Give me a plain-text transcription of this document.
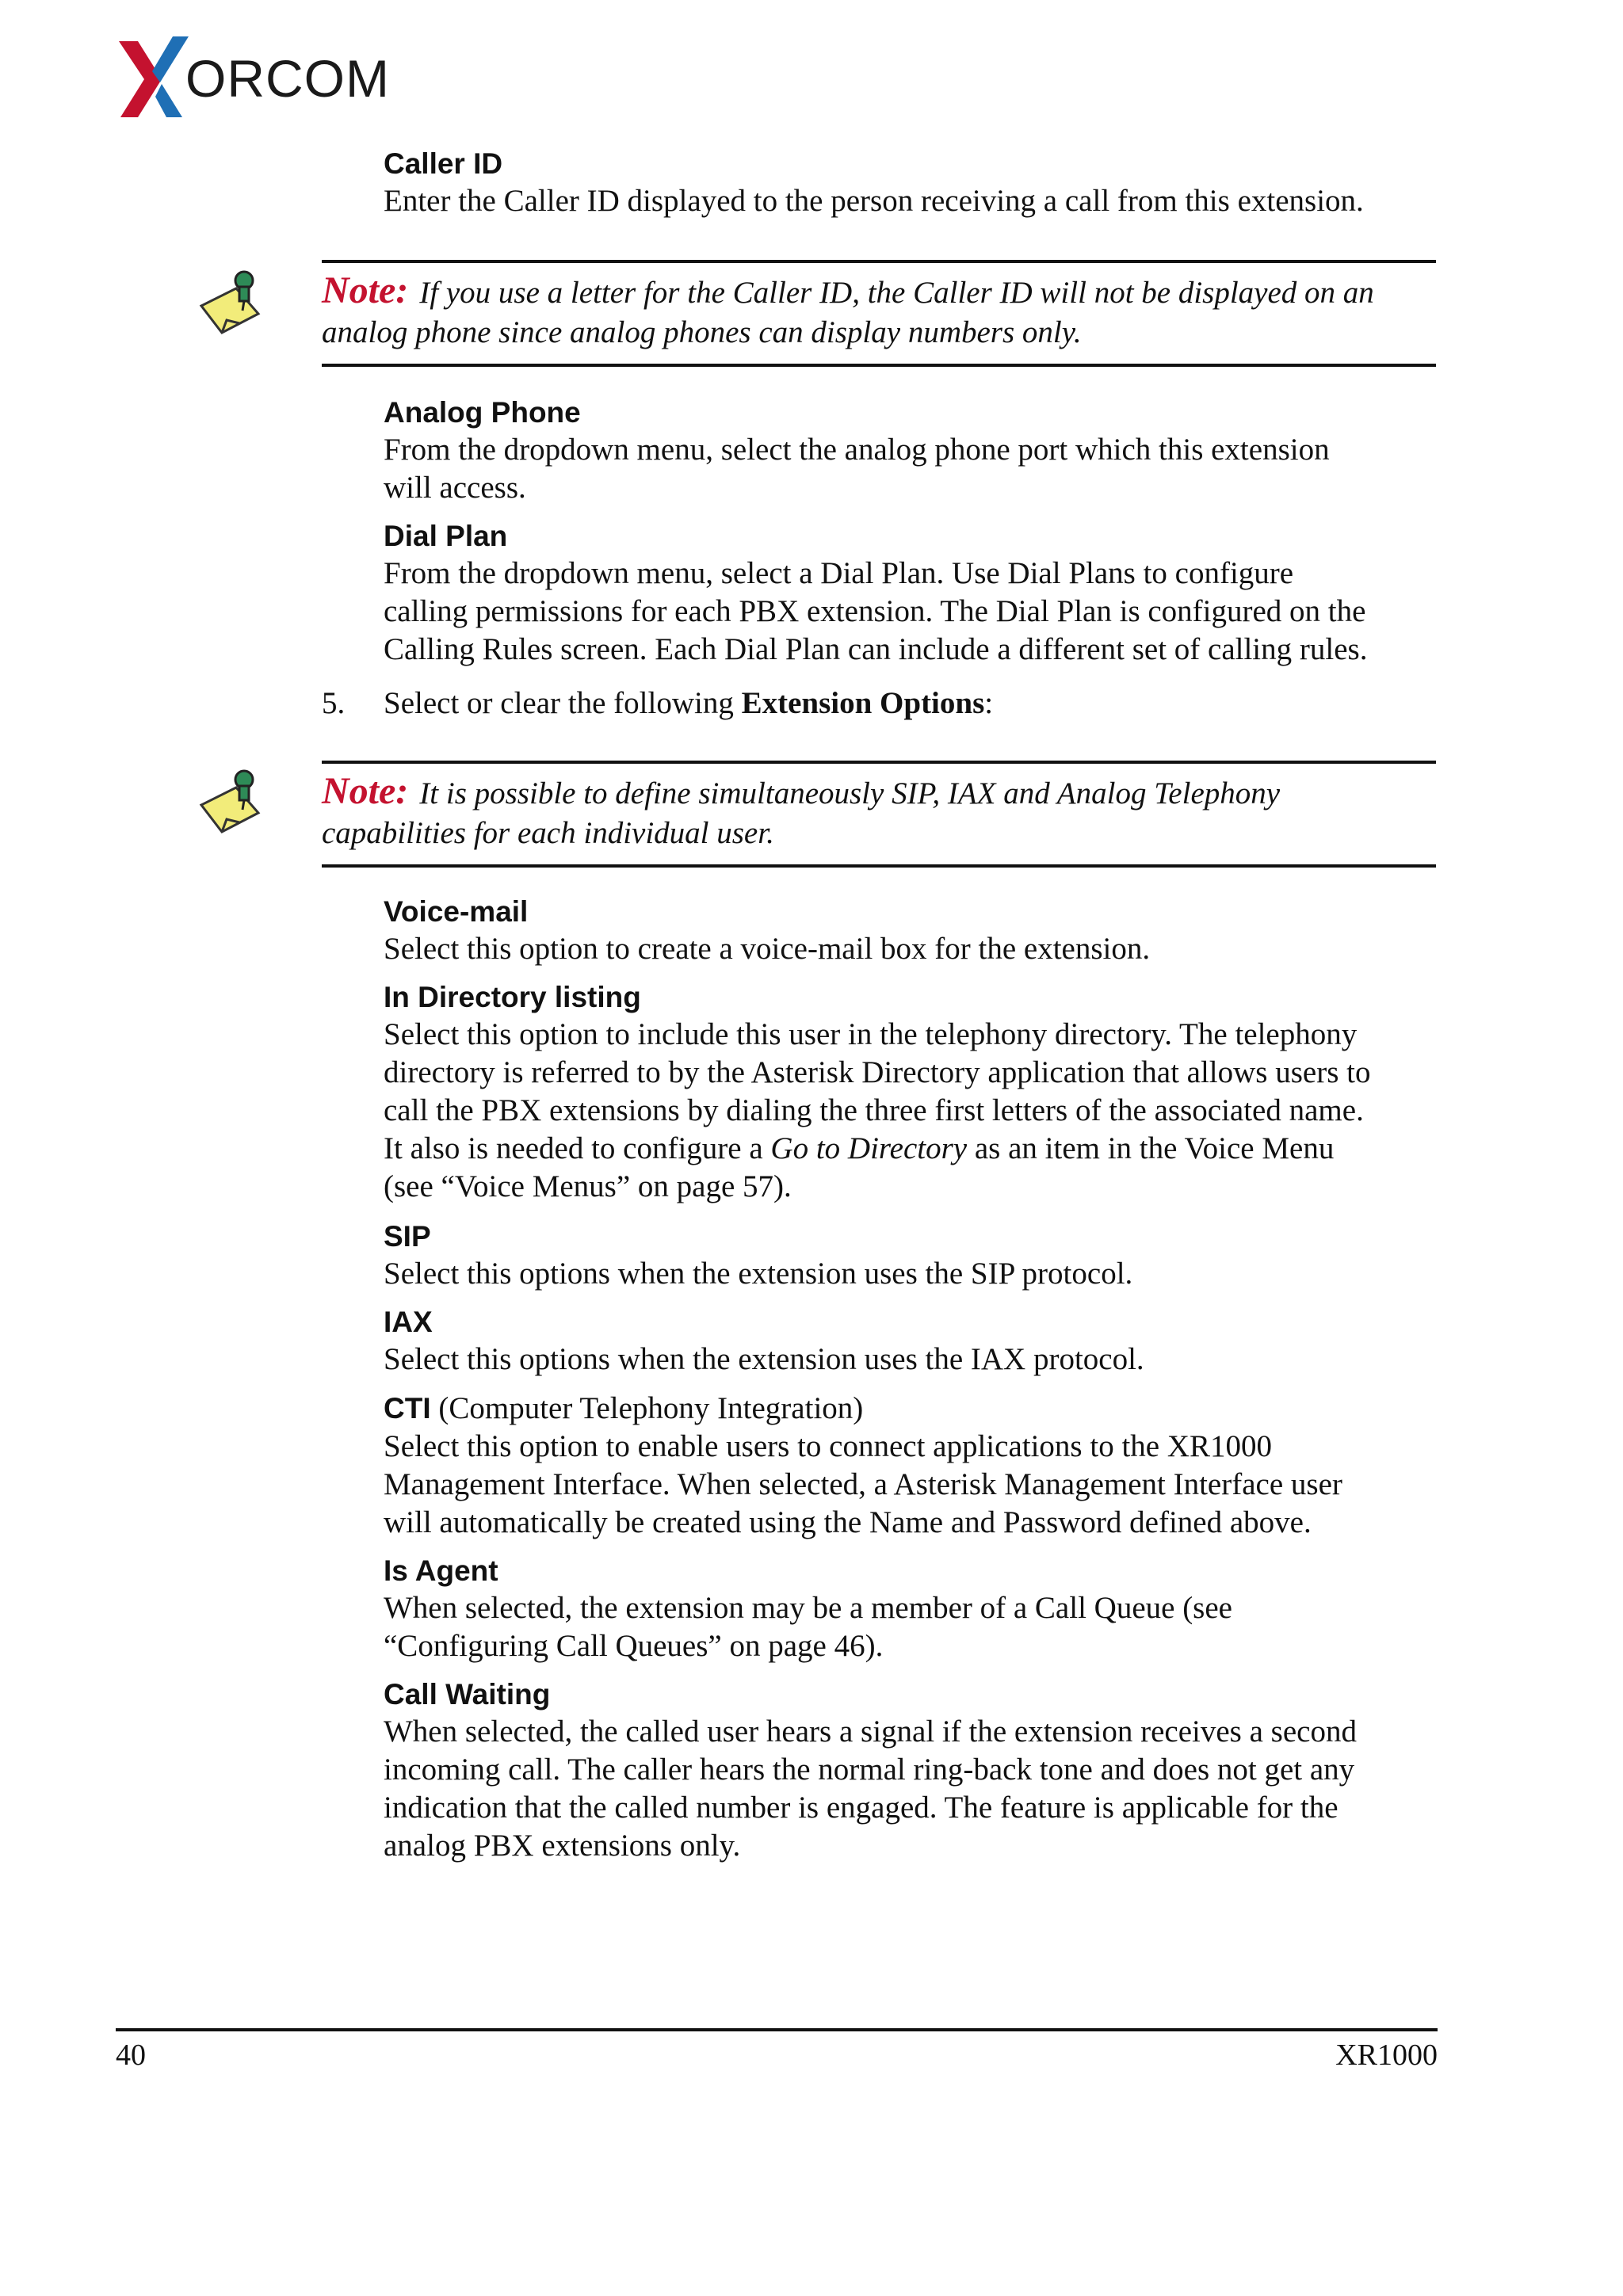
ORCOM
Caller ID
Enter the Caller ID displayed to the person receiving a call from this extension.
Note: If you use a letter for the Caller ID, the Caller ID will not be displayed on an
analog phone since analog phones can display numbers only.
Analog Phone
From the dropdown menu, select the analog phone port which this extension
will access.
Dial Plan
From the dropdown menu, select a Dial Plan. Use Dial Plans to configure
calling permissions for each PBX extension. The Dial Plan is configured on the
Calling Rules screen. Each Dial Plan can include a different set of calling rules.
5. Select or clear the following Extension Options:
Note: It is possible to define simultaneously SIP, IAX and Analog Telephony
capabilities for each individual user.
Voice-mail
Select this option to create a voice-mail box for the extension.
In Directory listing
Select this option to include this user in the telephony directory. The telephony
directory is referred to by the Asterisk Directory application that allows users to
call the PBX extensions by dialing the three first letters of the associated name.
It also is needed to configure a Go to Directory as an item in the Voice Menu
(see “Voice Menus” on page 57).
SIP
Select this options when the extension uses the SIP protocol.
IAX
Select this options when the extension uses the IAX protocol.
CTI (Computer Telephony Integration)
Select this option to enable users to connect applications to the XR1000
Management Interface. When selected, a Asterisk Management Interface user
will automatically be created using the Name and Password defined above.
Is Agent
When selected, the extension may be a member of a Call Queue (see
“Configuring Call Queues” on page 46).
Call Waiting
When selected, the called user hears a signal if the extension receives a second
incoming call. The caller hears the normal ring-back tone and does not get any
indication that the called number is engaged. The feature is applicable for the
analog PBX extensions only.
40	XR1000
